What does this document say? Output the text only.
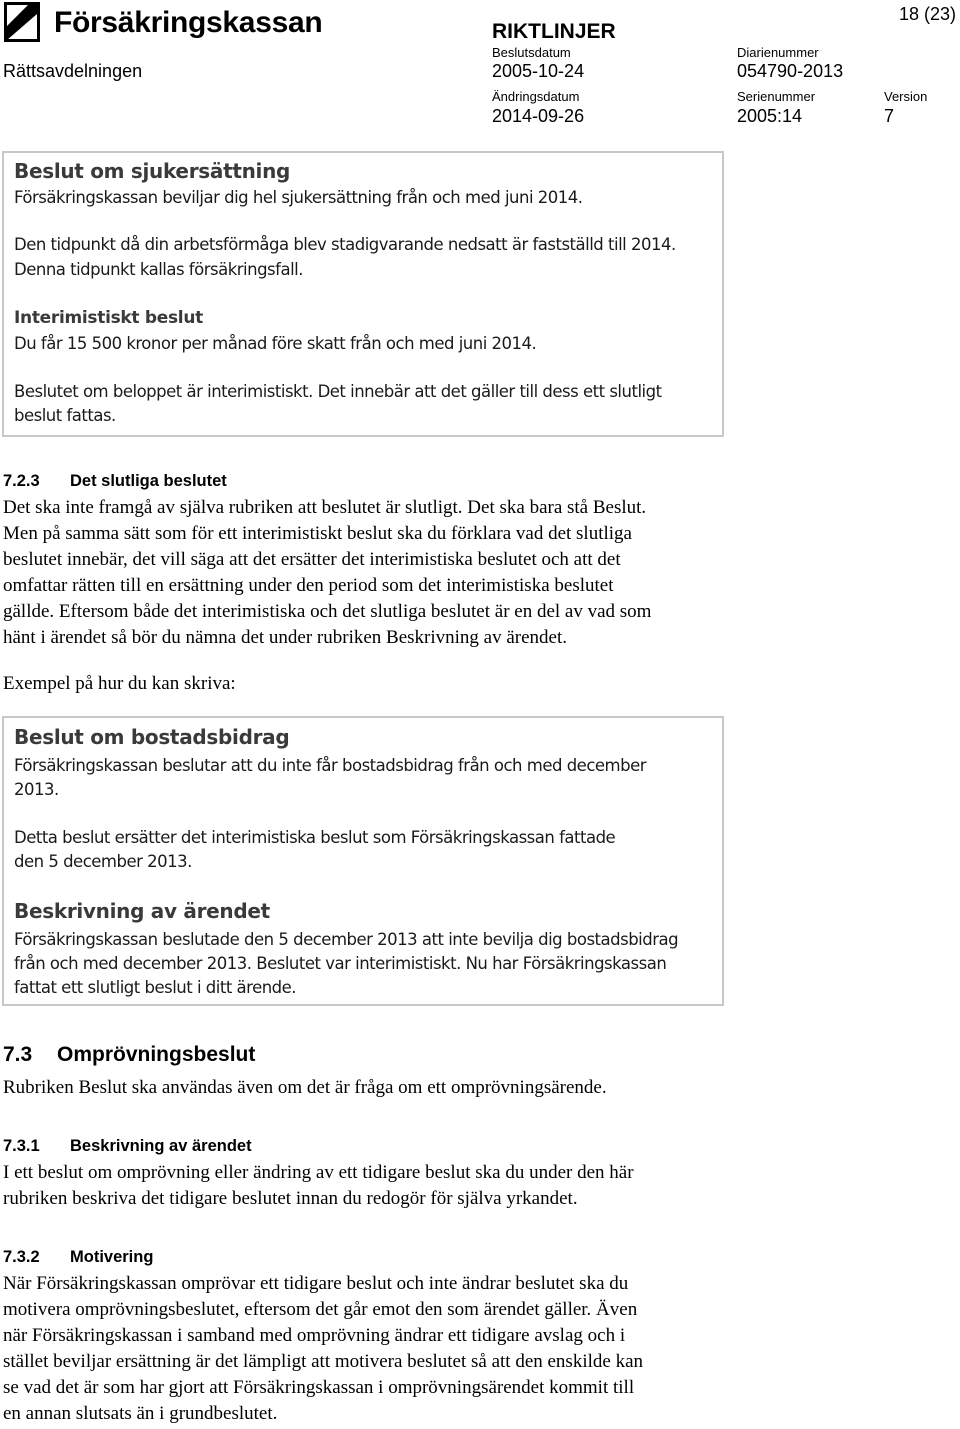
Försäkringskassan	18 (23)
Rättsavdelningen
RIKTLINJER
Beslutsdatum
2005-10-24
Diarienummer
054790-2013
Ändringsdatum
2014-09-26
Serienummer
2005:14
Version
7
Beslut om sjukersättning
Försäkringskassan beviljar dig hel sjukersättning från och med juni 2014.
Den tidpunkt då din arbetsförmåga blev stadigvarande nedsatt är fastställd till 2014.
Denna tidpunkt kallas försäkringsfall.
Interimistiskt beslut
Du får 15 500 kronor per månad före skatt från och med juni 2014.
Beslutet om beloppet är interimistiskt. Det innebär att det gäller till dess ett slutligt
beslut fattas.
7.2.3 Det slutliga beslutet
Det ska inte framgå av själva rubriken att beslutet är slutligt. Det ska bara stå Beslut.
Men på samma sätt som för ett interimistiskt beslut ska du förklara vad det slutliga
beslutet innebär, det vill säga att det ersätter det interimistiska beslutet och att det
omfattar rätten till en ersättning under den period som det interimistiska beslutet
gällde. Eftersom både det interimistiska och det slutliga beslutet är en del av vad som
hänt i ärendet så bör du nämna det under rubriken Beskrivning av ärendet.
Exempel på hur du kan skriva:
Beslut om bostadsbidrag
Försäkringskassan beslutar att du inte får bostadsbidrag från och med december
2013.
Detta beslut ersätter det interimistiska beslut som Försäkringskassan fattade
den 5 december 2013.
Beskrivning av ärendet
Försäkringskassan beslutade den 5 december 2013 att inte bevilja dig bostadsbidrag
från och med december 2013. Beslutet var interimistiskt. Nu har Försäkringskassan
fattat ett slutligt beslut i ditt ärende.
7.3 Omprövningsbeslut
Rubriken Beslut ska användas även om det är fråga om ett omprövningsärende.
7.3.1 Beskrivning av ärendet
I ett beslut om omprövning eller ändring av ett tidigare beslut ska du under den här
rubriken beskriva det tidigare beslutet innan du redogör för själva yrkandet.
7.3.2 Motivering
När Försäkringskassan omprövar ett tidigare beslut och inte ändrar beslutet ska du
motivera omprövningsbeslutet, eftersom det går emot den som ärendet gäller. Även
när Försäkringskassan i samband med omprövning ändrar ett tidigare avslag och i
stället beviljar ersättning är det lämpligt att motivera beslutet så att den enskilde kan
se vad det är som har gjort att Försäkringskassan i omprövningsärendet kommit till
en annan slutsats än i grundbeslutet.
